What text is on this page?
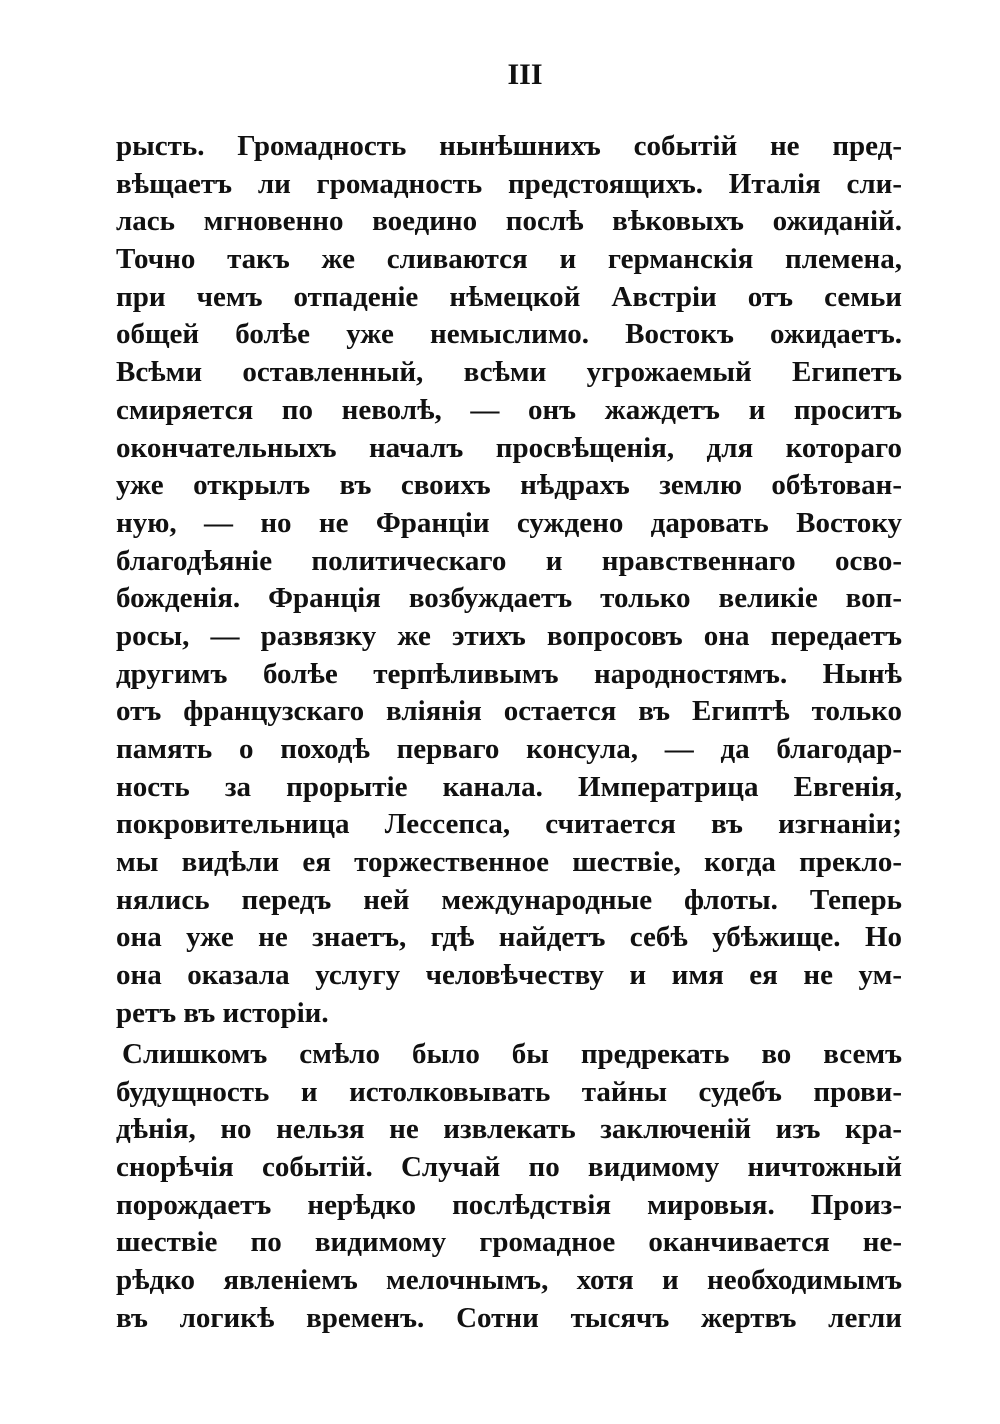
III
рысть. Громадность нынѣшнихъ событій не пред-
вѣщаетъ ли громадность предстоящихъ. Италія сли-
лась мгновенно воедино послѣ вѣковыхъ ожиданій.
Точно такъ же сливаются и германскія племена,
при чемъ отпаденіе нѣмецкой Австріи отъ семьи
общей болѣе уже немыслимо. Востокъ ожидаетъ.
Всѣми оставленный, всѣми угрожаемый Египетъ
смиряется по неволѣ, — онъ жаждетъ и проситъ
окончательныхъ началъ просвѣщенія, для котораго
уже открылъ въ своихъ нѣдрахъ землю обѣтован-
ную, — но не Франціи суждено даровать Востоку
благодѣяніе политическаго и нравственнаго осво-
божденія. Франція возбуждаетъ только великіе воп-
росы, — развязку же этихъ вопросовъ она передаетъ
другимъ болѣе терпѣливымъ народностямъ. Нынѣ
отъ французскаго вліянія остается въ Египтѣ только
память о походѣ перваго консула, — да благодар-
ность за прорытіе канала. Императрица Евгенія,
покровительница Лессепса, считается въ изгнаніи;
мы видѣли ея торжественное шествіе, когда прекло-
нялись передъ ней международные флоты. Теперь
она уже не знаетъ, гдѣ найдетъ себѣ убѣжище. Но
она оказала услугу человѣчеству и имя ея не ум-
ретъ въ исторіи.
Слишкомъ смѣло было бы предрекать во всемъ
будущность и истолковывать тайны судебъ прови-
дѣнія, но нельзя не извлекать заключеній изъ кра-
снорѣчія событій. Случай по видимому ничтожный
порождаетъ нерѣдко послѣдствія мировыя. Произ-
шествіе по видимому громадное оканчивается не-
рѣдко явленіемъ мелочнымъ, хотя и необходимымъ
въ логикѣ временъ. Сотни тысячъ жертвъ легли
